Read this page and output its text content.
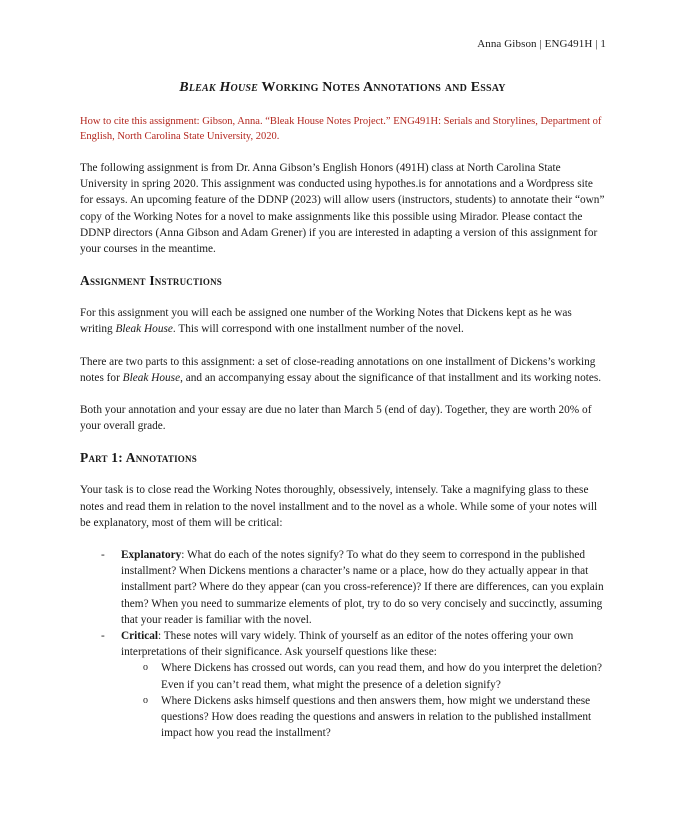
Anna Gibson | ENG491H | 1
Bleak House Working Notes Annotations and Essay
How to cite this assignment: Gibson, Anna. “Bleak House Notes Project.” ENG491H: Serials and Storylines, Department of English, North Carolina State University, 2020.

The following assignment is from Dr. Anna Gibson’s English Honors (491H) class at North Carolina State University in spring 2020. This assignment was conducted using hypothes.is for annotations and a Wordpress site for essays. An upcoming feature of the DDNP (2023) will allow users (instructors, students) to annotate their “own” copy of the Working Notes for a novel to make assignments like this possible using Mirador. Please contact the DDNP directors (Anna Gibson and Adam Grener) if you are interested in adapting a version of this assignment for your courses in the meantime.

Assignment Instructions

For this assignment you will each be assigned one number of the Working Notes that Dickens kept as he was writing Bleak House. This will correspond with one installment number of the novel.

There are two parts to this assignment: a set of close-reading annotations on one installment of Dickens’s working notes for Bleak House, and an accompanying essay about the significance of that installment and its working notes.

Both your annotation and your essay are due no later than March 5 (end of day). Together, they are worth 20% of your overall grade.

Part 1: Annotations

Your task is to close read the Working Notes thoroughly, obsessively, intensely. Take a magnifying glass to these notes and read them in relation to the novel installment and to the novel as a whole. While some of your notes will be explanatory, most of them will be critical:

- Explanatory: What do each of the notes signify? To what do they seem to correspond in the published installment? When Dickens mentions a character’s name or a place, how do they actually appear in that installment part? Where do they appear (can you cross-reference)? If there are differences, can you explain them? When you need to summarize elements of plot, try to do so very concisely and succinctly, assuming that your reader is familiar with the novel.
- Critical: These notes will vary widely. Think of yourself as an editor of the notes offering your own interpretations of their significance. Ask yourself questions like these:
o Where Dickens has crossed out words, can you read them, and how do you interpret the deletion? Even if you can’t read them, what might the presence of a deletion signify?
o Where Dickens asks himself questions and then answers them, how might we understand these questions? How does reading the questions and answers in relation to the published installment impact how you read the installment?
